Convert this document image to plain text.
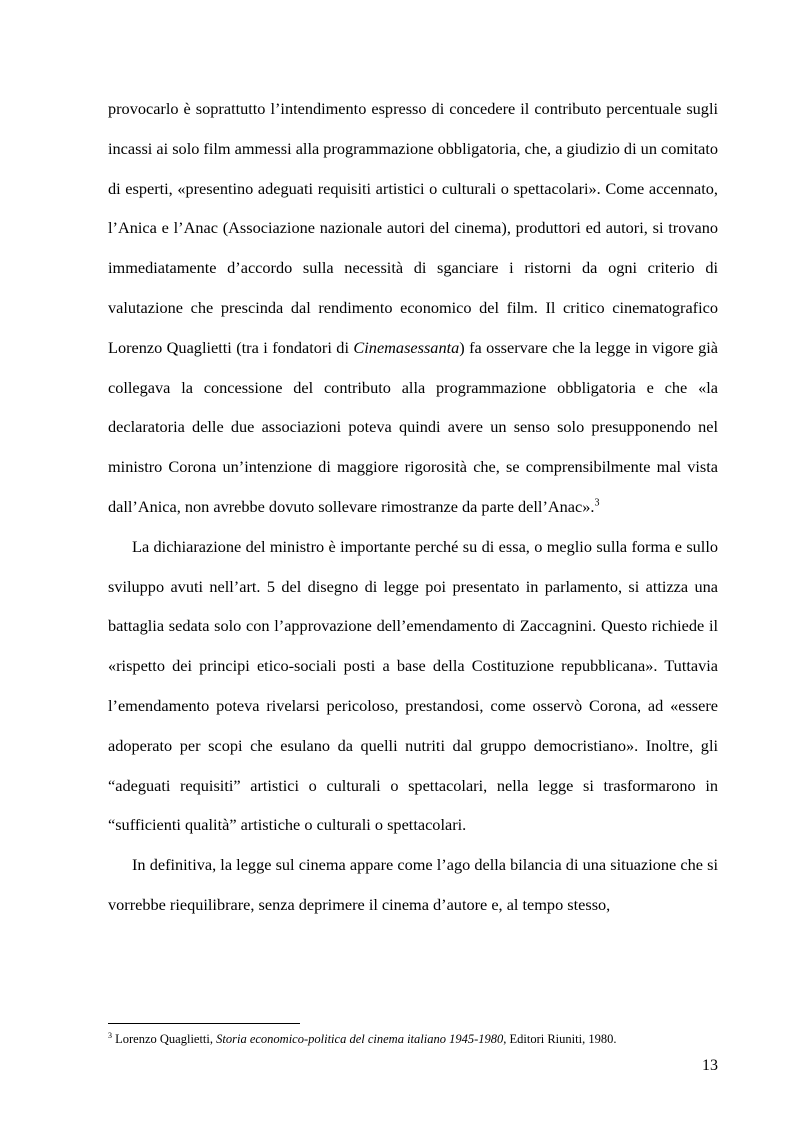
provocarlo è soprattutto l’intendimento espresso di concedere il contributo percentuale sugli incassi ai solo film ammessi alla programmazione obbligatoria, che, a giudizio di un comitato di esperti, «presentino adeguati requisiti artistici o culturali o spettacolari». Come accennato, l’Anica e l’Anac (Associazione nazionale autori del cinema), produttori ed autori, si trovano immediatamente d’accordo sulla necessità di sganciare i ristorni da ogni criterio di valutazione che prescinda dal rendimento economico del film. Il critico cinematografico Lorenzo Quaglietti (tra i fondatori di Cinemasessanta) fa osservare che la legge in vigore già collegava la concessione del contributo alla programmazione obbligatoria e che «la declaratoria delle due associazioni poteva quindi avere un senso solo presupponendo nel ministro Corona un’intenzione di maggiore rigorosità che, se comprensibilmente mal vista dall’Anica, non avrebbe dovuto sollevare rimostranze da parte dell’Anac».$^3$

La dichiarazione del ministro è importante perché su di essa, o meglio sulla forma e sullo sviluppo avuti nell’art. 5 del disegno di legge poi presentato in parlamento, si attizza una battaglia sedata solo con l’approvazione dell’emendamento di Zaccagnini. Questo richiede il «rispetto dei principi etico-sociali posti a base della Costituzione repubblicana». Tuttavia l’emendamento poteva rivelarsi pericoloso, prestandosi, come osservò Corona, ad «essere adoperato per scopi che esulano da quelli nutriti dal gruppo democristiano». Inoltre, gli “adeguati requisiti” artistici o culturali o spettacolari, nella legge si trasformarono in “sufficienti qualità” artistiche o culturali o spettacolari.

In definitiva, la legge sul cinema appare come l’ago della bilancia di una situazione che si vorrebbe riequilibrare, senza deprimere il cinema d’autore e, al tempo stesso,

$^3$ Lorenzo Quaglietti, Storia economico-politica del cinema italiano 1945-1980, Editori Riuniti, 1980.

13
